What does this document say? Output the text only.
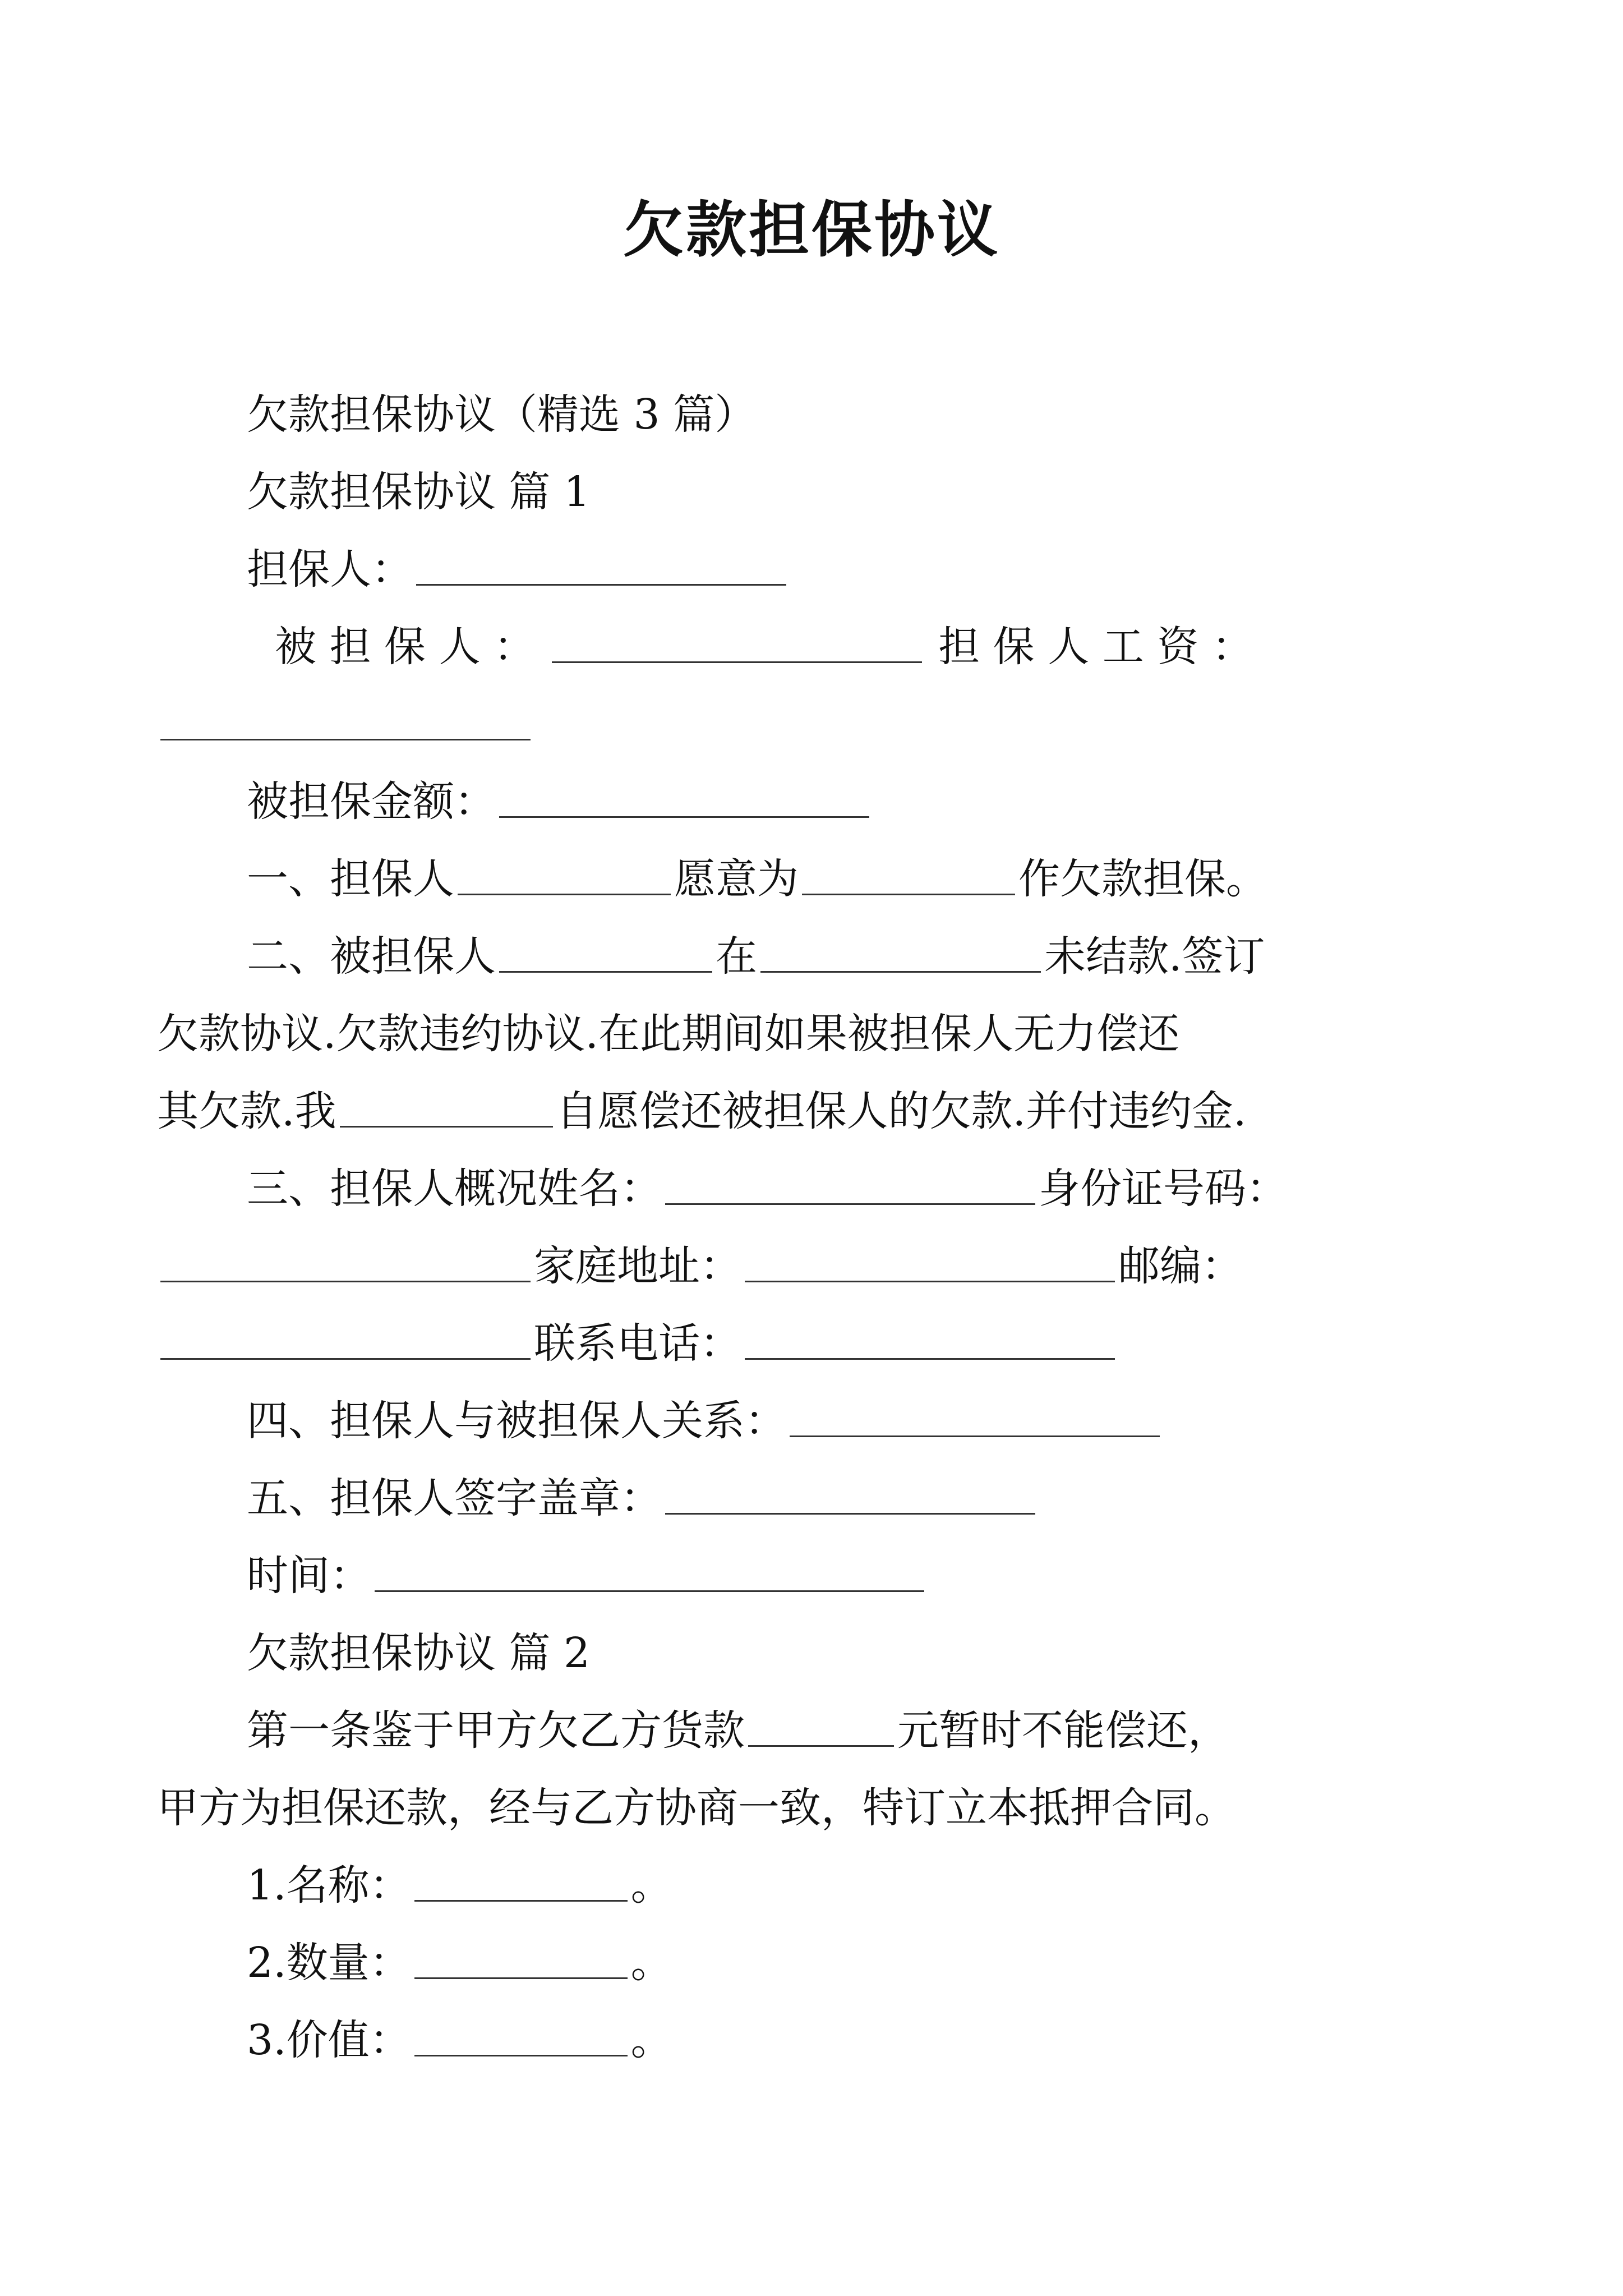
欠款担保协议

欠款担保协议（精选 3 篇）

欠款担保协议 篇 1

担保人：

被 担 保 人 ：	担 保 人 工 资 ：

被担保金额：

一、担保人	愿意为	作欠款担保。

二、被担保人	在	未结款.签订

欠款协议.欠款违约协议.在此期间如果被担保人无力偿还

其欠款.我	自愿偿还被担保人的欠款.并付违约金.

三、担保人概况姓名：	身份证号码：

家庭地址：	邮编：

联系电话：

四、担保人与被担保人关系：

五、担保人签字盖章：

时间：

欠款担保协议 篇 2

第一条鉴于甲方欠乙方货款	元暂时不能偿还，

甲方为担保还款，经与乙方协商一致，特订立本抵押合同。

1.名称：	。

2.数量：	。

3.价值：	。
